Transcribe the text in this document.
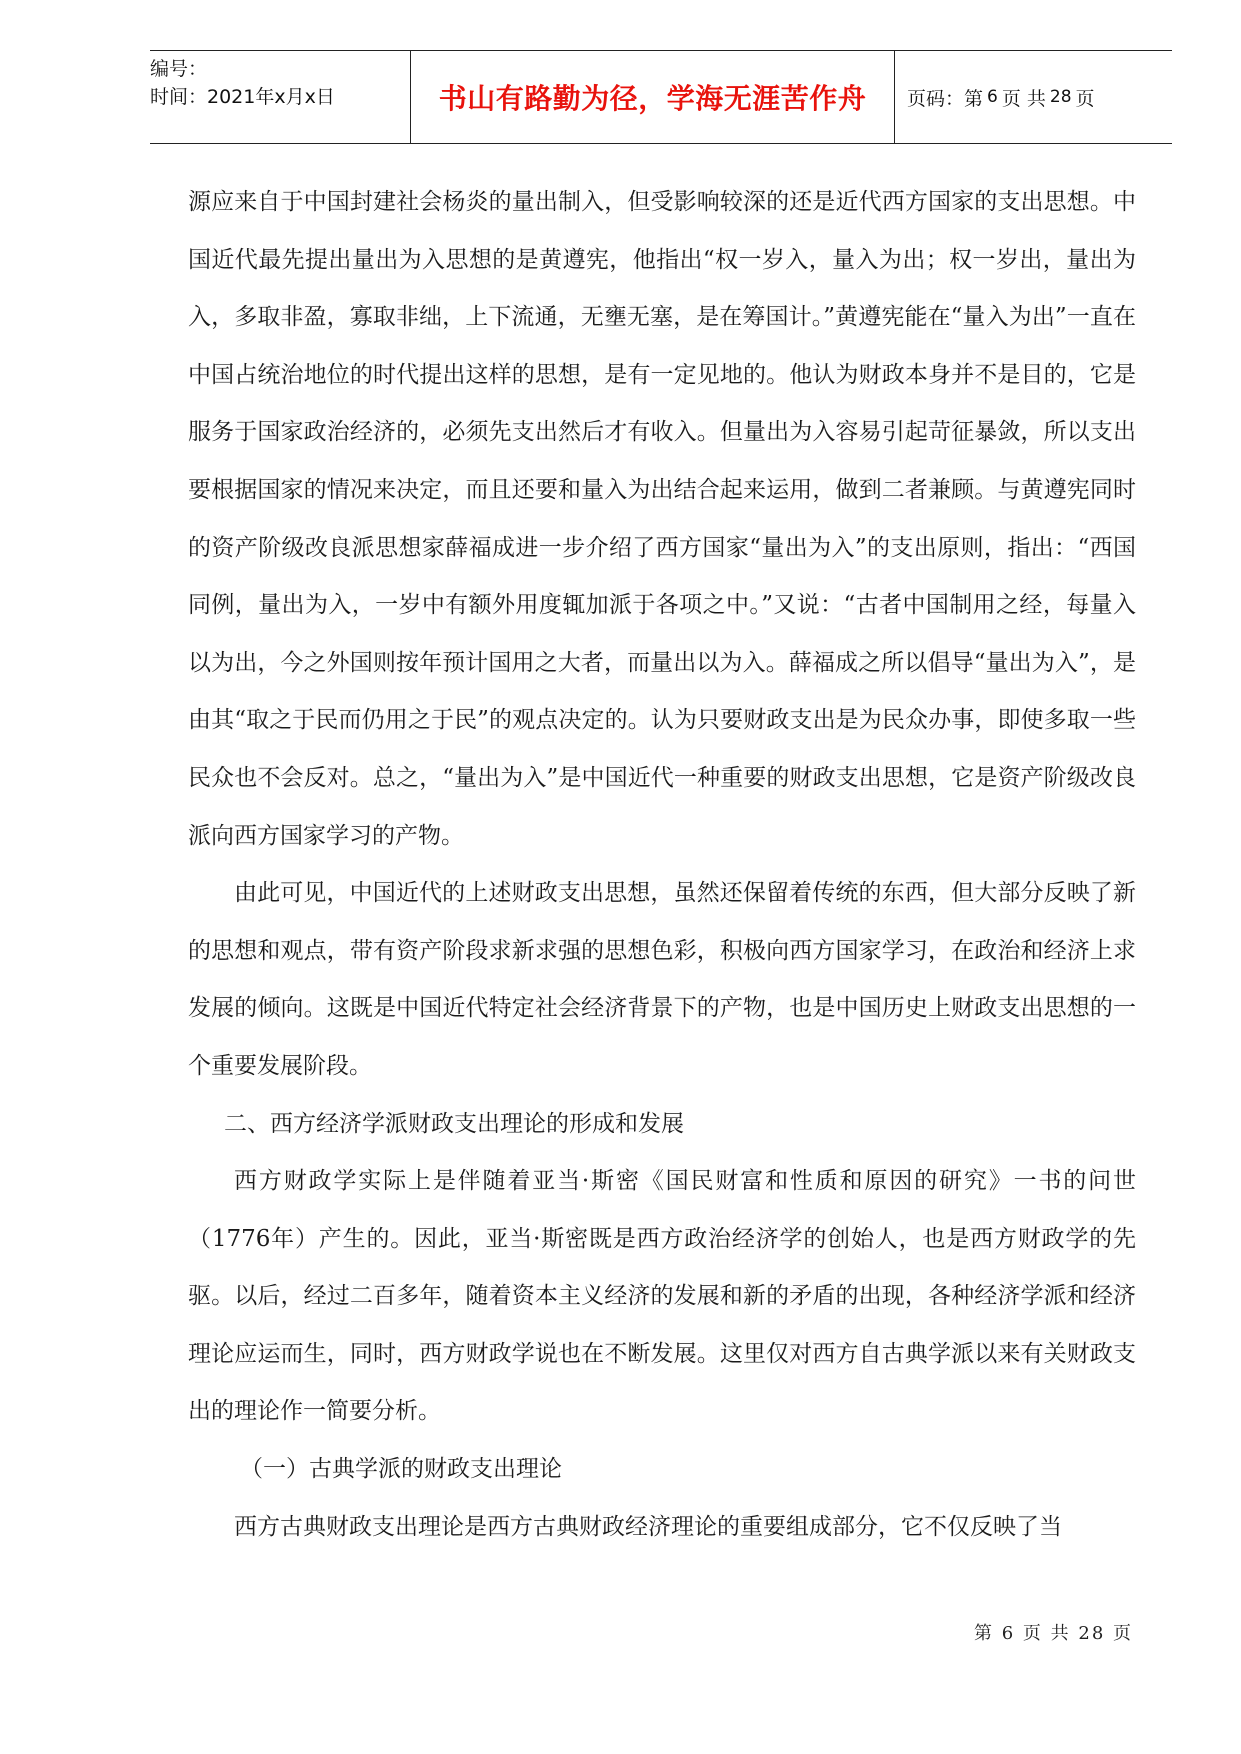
编号：
时间：2021年x月x日	书山有路勤为径，学海无涯苦作舟	页码：第 6 页 共 28 页

源应来自于中国封建社会杨炎的量出制入，但受影响较深的还是近代西方国家的支出思想。中国近代最先提出量出为入思想的是黄遵宪，他指出“权一岁入，量入为出；权一岁出，量出为入，多取非盈，寡取非绌，上下流通，无壅无塞，是在筹国计。”黄遵宪能在“量入为出”一直在中国占统治地位的时代提出这样的思想，是有一定见地的。他认为财政本身并不是目的，它是服务于国家政治经济的，必须先支出然后才有收入。但量出为入容易引起苛征暴敛，所以支出要根据国家的情况来决定，而且还要和量入为出结合起来运用，做到二者兼顾。与黄遵宪同时的资产阶级改良派思想家薛福成进一步介绍了西方国家“量出为入”的支出原则，指出：“西国同例，量出为入，一岁中有额外用度辄加派于各项之中。”又说：“古者中国制用之经，每量入以为出，今之外国则按年预计国用之大者，而量出以为入。薛福成之所以倡导“量出为入”，是由其“取之于民而仍用之于民”的观点决定的。认为只要财政支出是为民众办事，即使多取一些民众也不会反对。总之，“量出为入”是中国近代一种重要的财政支出思想，它是资产阶级改良派向西方国家学习的产物。

由此可见，中国近代的上述财政支出思想，虽然还保留着传统的东西，但大部分反映了新的思想和观点，带有资产阶段求新求强的思想色彩，积极向西方国家学习，在政治和经济上求发展的倾向。这既是中国近代特定社会经济背景下的产物，也是中国历史上财政支出思想的一个重要发展阶段。

二、西方经济学派财政支出理论的形成和发展

西方财政学实际上是伴随着亚当·斯密《国民财富和性质和原因的研究》一书的问世（1776年）产生的。因此，亚当·斯密既是西方政治经济学的创始人，也是西方财政学的先驱。以后，经过二百多年，随着资本主义经济的发展和新的矛盾的出现，各种经济学派和经济理论应运而生，同时，西方财政学说也在不断发展。这里仅对西方自古典学派以来有关财政支出的理论作一简要分析。

（一）古典学派的财政支出理论

西方古典财政支出理论是西方古典财政经济理论的重要组成部分，它不仅反映了当

第 6 页 共 28 页
